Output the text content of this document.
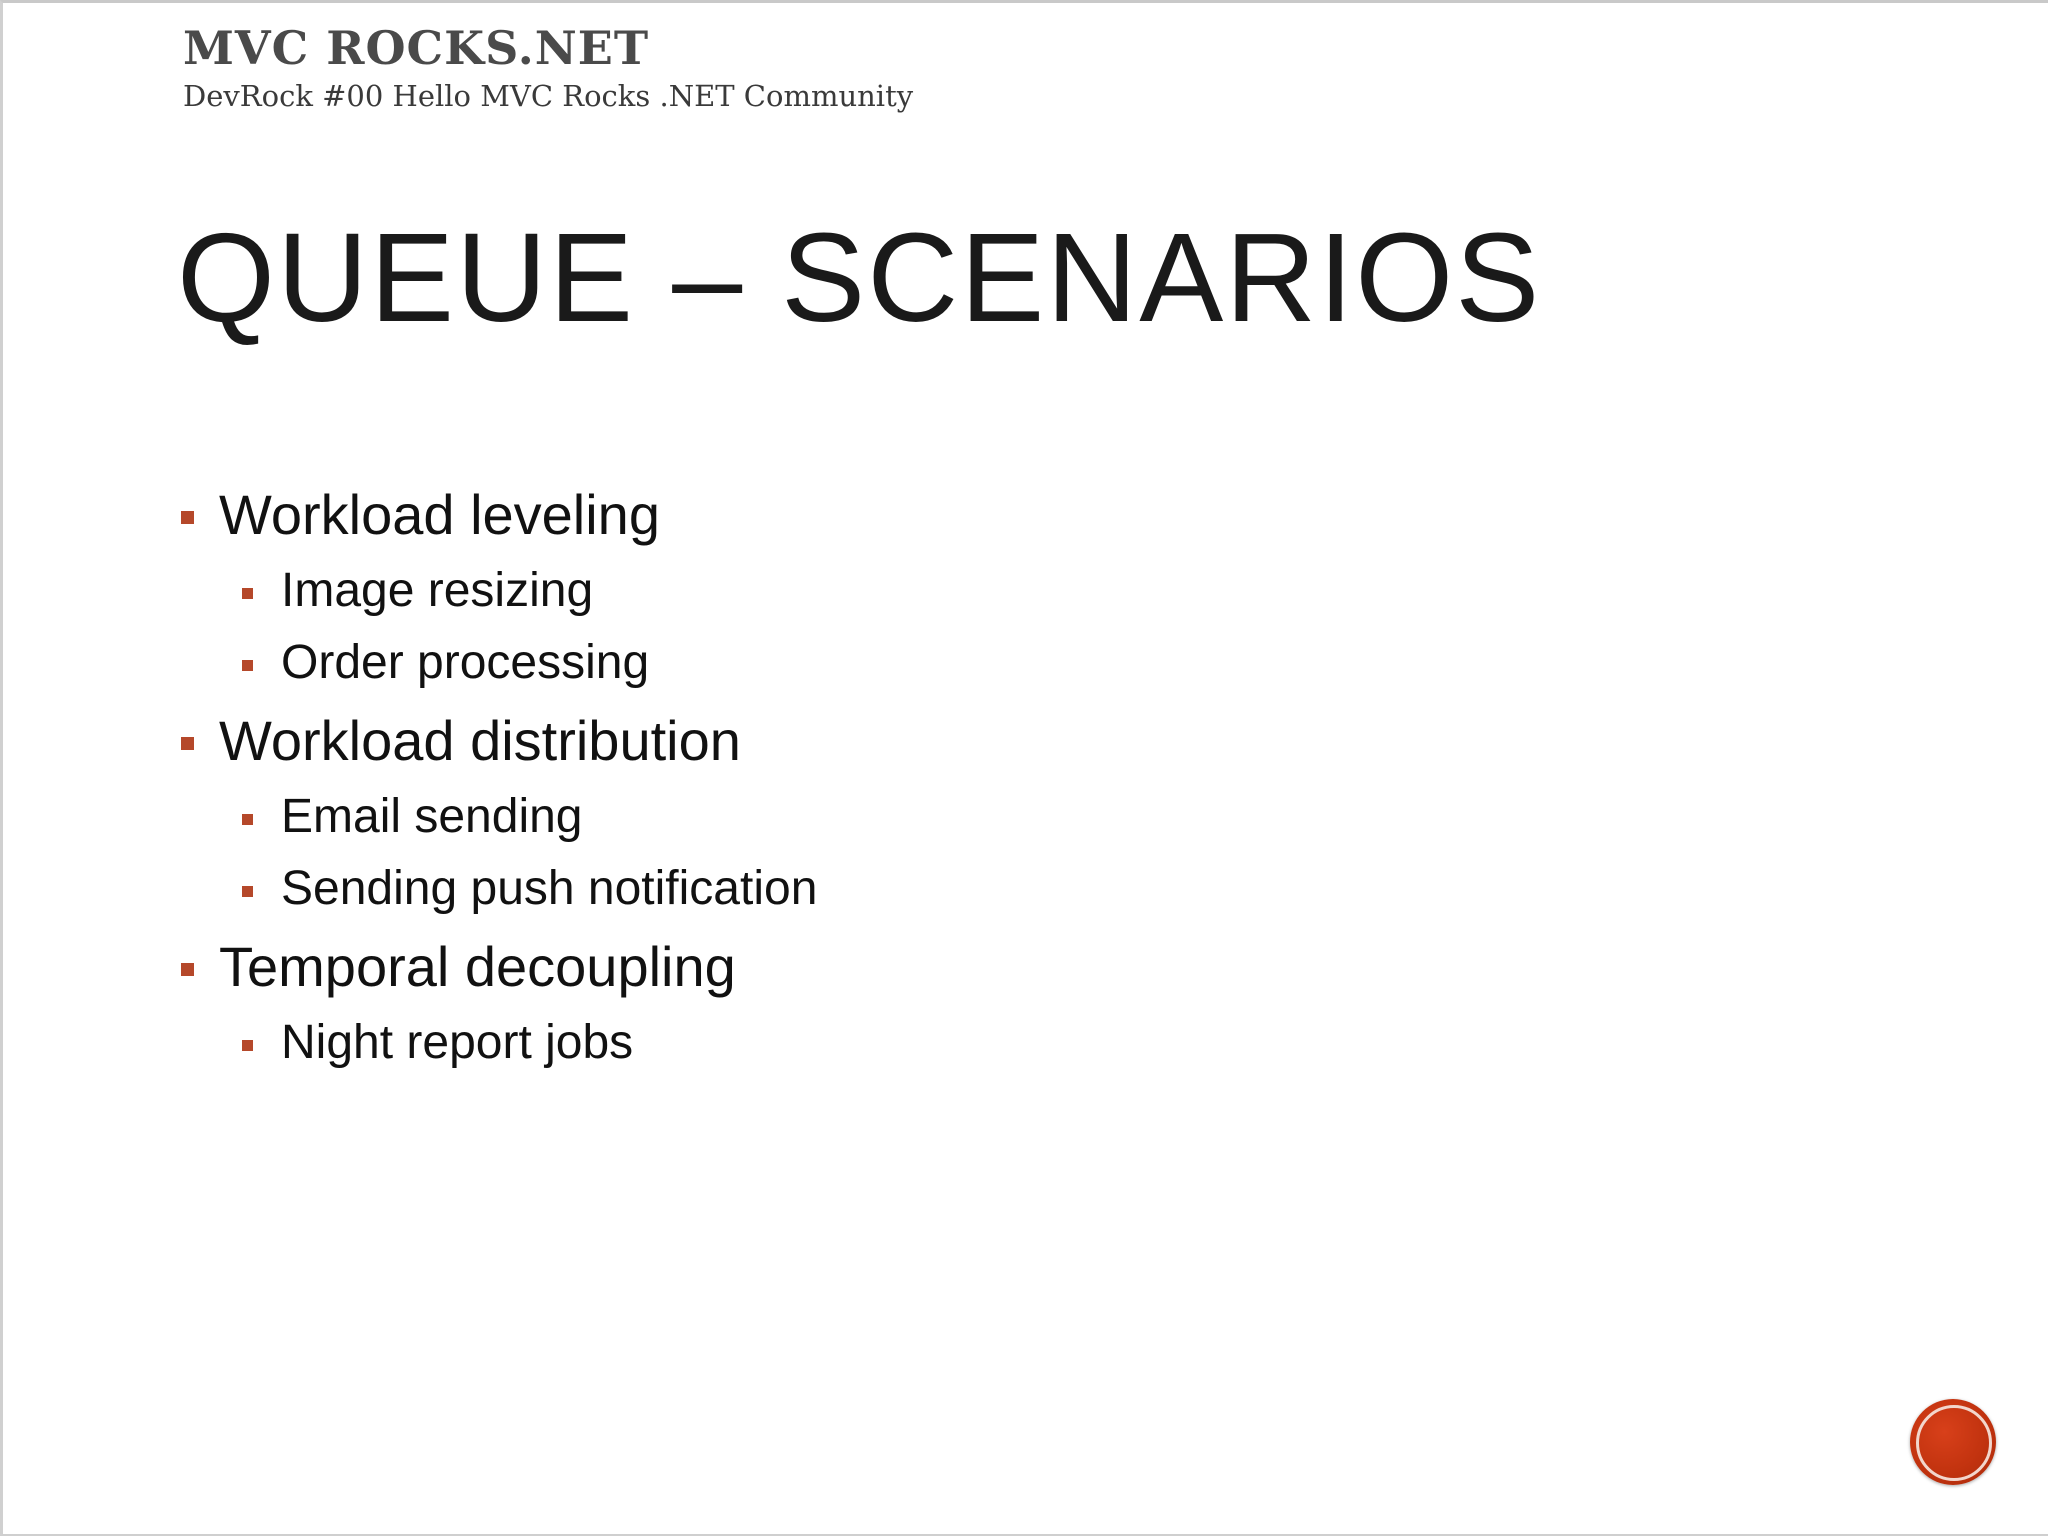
MVC ROCKS.NET
DevRock #00 Hello MVC Rocks .NET Community
QUEUE – SCENARIOS
Workload leveling
Image resizing
Order processing
Workload distribution
Email sending
Sending push notification
Temporal decoupling
Night report jobs
